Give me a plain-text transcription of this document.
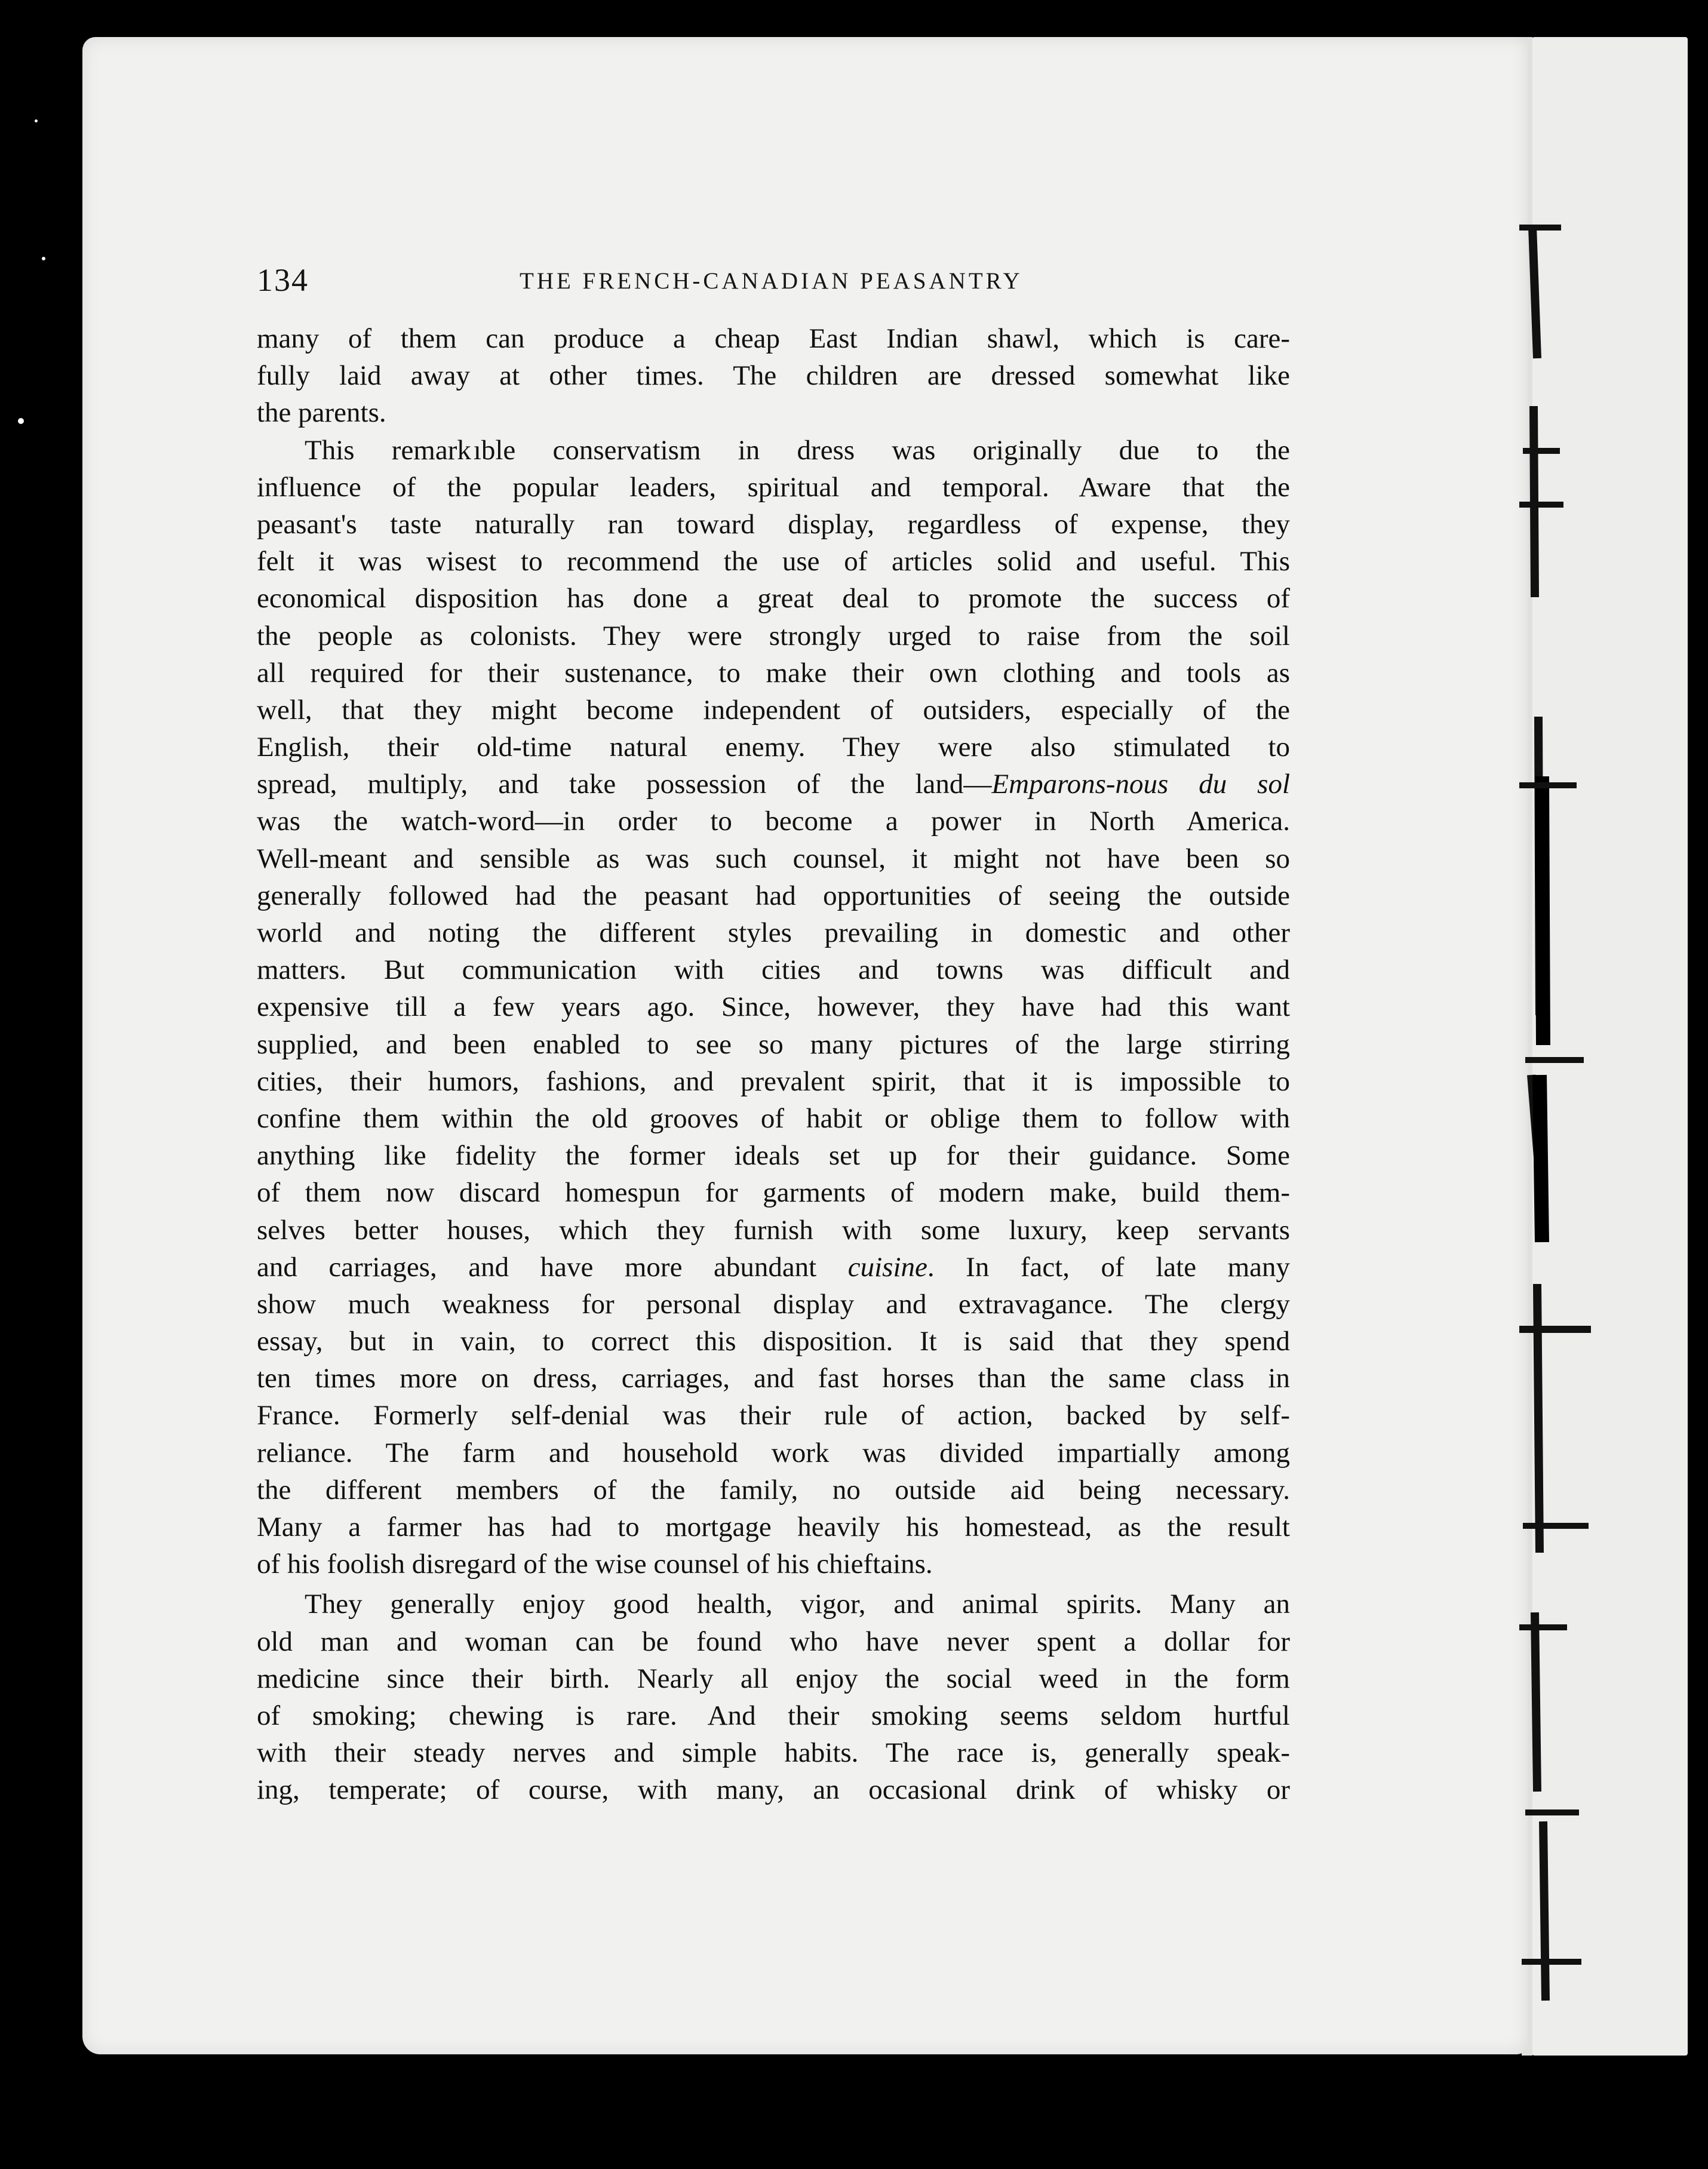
134	THE FRENCH-CANADIAN PEASANTRY
many of them can produce a cheap East Indian shawl, which is care-
fully laid away at other times. The children are dressed somewhat like
the parents.
This remark ıble conservatism in dress was originally due to the
influence of the popular leaders, spiritual and temporal. Aware that the
peasant's taste naturally ran toward display, regardless of expense, they
felt it was wisest to recommend the use of articles solid and useful. This
economical disposition has done a great deal to promote the success of
the people as colonists. They were strongly urged to raise from the soil
all required for their sustenance, to make their own clothing and tools as
well, that they might become independent of outsiders, especially of the
English, their old-time natural enemy. They were also stimulated to
spread, multiply, and take possession of the land—Emparons-nous du sol
was the watch-word—in order to become a power in North America.
Well-meant and sensible as was such counsel, it might not have been so
generally followed had the peasant had opportunities of seeing the outside
world and noting the different styles prevailing in domestic and other
matters. But communication with cities and towns was difficult and
expensive till a few years ago. Since, however, they have had this want
supplied, and been enabled to see so many pictures of the large stirring
cities, their humors, fashions, and prevalent spirit, that it is impossible to
confine them within the old grooves of habit or oblige them to follow with
anything like fidelity the former ideals set up for their guidance. Some
of them now discard homespun for garments of modern make, build them-
selves better houses, which they furnish with some luxury, keep servants
and carriages, and have more abundant cuisine. In fact, of late many
show much weakness for personal display and extravagance. The clergy
essay, but in vain, to correct this disposition. It is said that they spend
ten times more on dress, carriages, and fast horses than the same class in
France. Formerly self-denial was their rule of action, backed by self-
reliance. The farm and household work was divided impartially among
the different members of the family, no outside aid being necessary.
Many a farmer has had to mortgage heavily his homestead, as the result
of his foolish disregard of the wise counsel of his chieftains.
They generally enjoy good health, vigor, and animal spirits. Many an
old man and woman can be found who have never spent a dollar for
medicine since their birth. Nearly all enjoy the social weed in the form
of smoking; chewing is rare. And their smoking seems seldom hurtful
with their steady nerves and simple habits. The race is, generally speak-
ing, temperate; of course, with many, an occasional drink of whisky or
